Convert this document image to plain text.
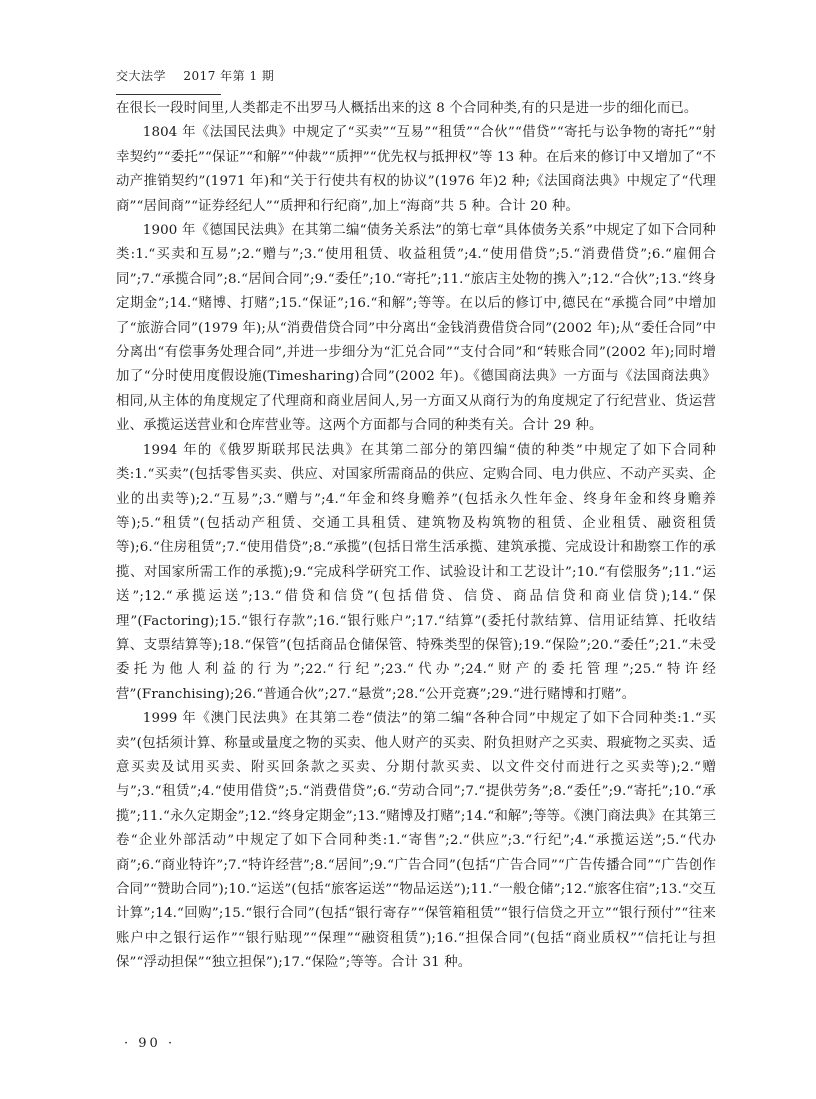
交大法学 2017 年第 1 期

在很长一段时间里,人类都走不出罗马人概括出来的这 8 个合同种类,有的只是进一步的细化而已。

1804 年《法国民法典》中规定了“买卖”“互易”“租赁”“合伙”“借贷”“寄托与讼争物的寄托”“射幸契约”“委托”“保证”“和解”“仲裁”“质押”“优先权与抵押权”等 13 种。在后来的修订中又增加了“不动产推销契约”(1971 年)和“关于行使共有权的协议”(1976 年)2 种;《法国商法典》中规定了“代理商”“居间商”“证券经纪人”“质押和行纪商”,加上“海商”共 5 种。合计 20 种。

1900 年《德国民法典》在其第二编“债务关系法”的第七章“具体债务关系”中规定了如下合同种类:1.“买卖和互易”;2.“赠与”;3.“使用租赁、收益租赁”;4.“使用借贷”;5.“消费借贷”;6.“雇佣合同”;7.“承揽合同”;8.“居间合同”;9.“委任”;10.“寄托”;11.“旅店主处物的携入”;12.“合伙”;13.“终身定期金”;14.“赌博、打赌”;15.“保证”;16.“和解”;等等。在以后的修订中,德民在“承揽合同”中增加了“旅游合同”(1979 年);从“消费借贷合同”中分离出“金钱消费借贷合同”(2002 年);从“委任合同”中分离出“有偿事务处理合同”,并进一步细分为“汇兑合同”“支付合同”和“转账合同”(2002 年);同时增加了“分时使用度假设施(Timesharing)合同”(2002 年)。《德国商法典》一方面与《法国商法典》相同,从主体的角度规定了代理商和商业居间人,另一方面又从商行为的角度规定了行纪营业、货运营业、承揽运送营业和仓库营业等。这两个方面都与合同的种类有关。合计 29 种。

1994 年的《俄罗斯联邦民法典》在其第二部分的第四编“债的种类”中规定了如下合同种类:1.“买卖”(包括零售买卖、供应、对国家所需商品的供应、定购合同、电力供应、不动产买卖、企业的出卖等);2.“互易”;3.“赠与”;4.“年金和终身赡养”(包括永久性年金、终身年金和终身赡养等);5.“租赁”(包括动产租赁、交通工具租赁、建筑物及构筑物的租赁、企业租赁、融资租赁等);6.“住房租赁”;7.“使用借贷”;8.“承揽”(包括日常生活承揽、建筑承揽、完成设计和勘察工作的承揽、对国家所需工作的承揽);9.“完成科学研究工作、试验设计和工艺设计”;10.“有偿服务”;11.“运送”;12.“承揽运送”;13.“借贷和信贷”(包括借贷、信贷、商品信贷和商业信贷);14.“保理”(Factoring);15.“银行存款”;16.“银行账户”;17.“结算”(委托付款结算、信用证结算、托收结算、支票结算等);18.“保管”(包括商品仓储保管、特殊类型的保管);19.“保险”;20.“委任”;21.“未受委托为他人利益的行为”;22.“行纪”;23.“代办”;24.“财产的委托管理”;25.“特许经营”(Franchising);26.“普通合伙”;27.“悬赏”;28.“公开竞赛”;29.“进行赌博和打赌”。

1999 年《澳门民法典》在其第二卷“债法”的第二编“各种合同”中规定了如下合同种类:1.“买卖”(包括须计算、称量或量度之物的买卖、他人财产的买卖、附负担财产之买卖、瑕疵物之买卖、适意买卖及试用买卖、附买回条款之买卖、分期付款买卖、以文件交付而进行之买卖等);2.“赠与”;3.“租赁”;4.“使用借贷”;5.“消费借贷”;6.“劳动合同”;7.“提供劳务”;8.“委任”;9.“寄托”;10.“承揽”;11.“永久定期金”;12.“终身定期金”;13.“赌博及打赌”;14.“和解”;等等。《澳门商法典》在其第三卷“企业外部活动”中规定了如下合同种类:1.“寄售”;2.“供应”;3.“行纪”;4.“承揽运送”;5.“代办商”;6.“商业特许”;7.“特许经营”;8.“居间”;9.“广告合同”(包括“广告合同”“广告传播合同”“广告创作合同”“赞助合同”);10.“运送”(包括“旅客运送”“物品运送”);11.“一般仓储”;12.“旅客住宿”;13.“交互计算”;14.“回购”;15.“银行合同”(包括“银行寄存”“保管箱租赁”“银行信贷之开立”“银行预付”“往来账户中之银行运作”“银行贴现”“保理”“融资租赁”);16.“担保合同”(包括“商业质权”“信托让与担保”“浮动担保”“独立担保”);17.“保险”;等等。合计 31 种。

· 90 ·
